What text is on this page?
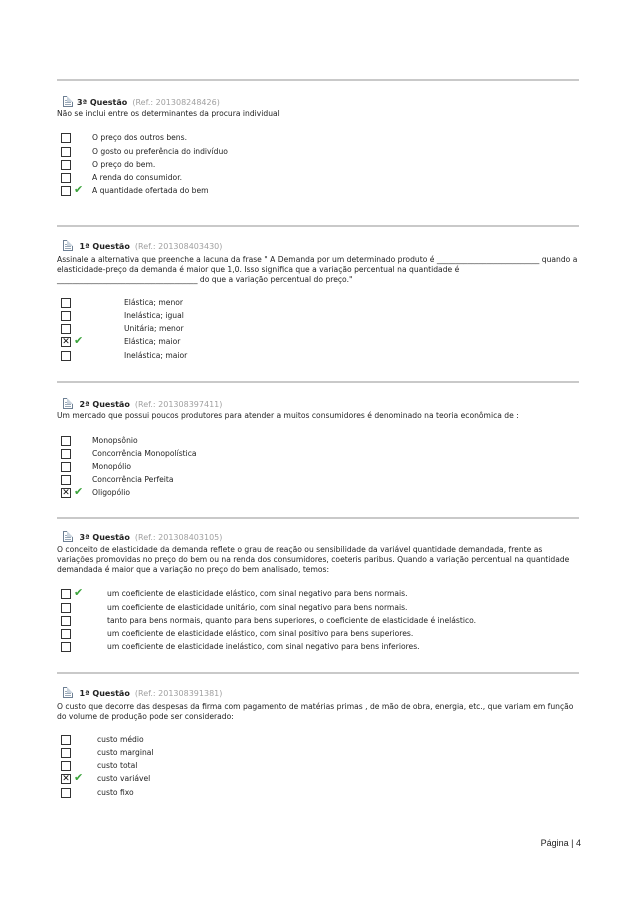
3ª Questão (Ref.: 201308248426)

Não se inclui entre os determinantes da procura individual

O preço dos outros bens.
O gosto ou preferência do indivíduo
O preço do bem.
A renda do consumidor.
✔ A quantidade ofertada do bem
1ª Questão (Ref.: 201308403430)

Assinale a alternativa que preenche a lacuna da frase " A Demanda por um determinado produto é ___________________________ quando a elasticidade-preço da demanda é maior que 1,0. Isso significa que a variação percentual na quantidade é _____________________________________ do que a variação percentual do preço."

Elástica; menor
Inelástica; igual
Unitária; menor
✕ ✔	Elástica; maior
Inelástica; maior
2ª Questão (Ref.: 201308397411)

Um mercado que possui poucos produtores para atender a muitos consumidores é denominado na teoria econômica de :

Monopsônio
Concorrência Monopolística
Monopólio
Concorrência Perfeita
✕ ✔ Oligopólio
3ª Questão (Ref.: 201308403105)

O conceito de elasticidade da demanda reflete o grau de reação ou sensibilidade da variável quantidade demandada, frente as variações promovidas no preço do bem ou na renda dos consumidores, coeteris paribus. Quando a variação percentual na quantidade demandada é maior que a variação no preço do bem analisado, temos:

✔	um coeficiente de elasticidade elástico, com sinal negativo para bens normais.
um coeficiente de elasticidade unitário, com sinal negativo para bens normais.
tanto para bens normais, quanto para bens superiores, o coeficiente de elasticidade é inelástico.
um coeficiente de elasticidade elástico, com sinal positivo para bens superiores.
um coeficiente de elasticidade inelástico, com sinal negativo para bens inferiores.
1ª Questão (Ref.: 201308391381)

O custo que decorre das despesas da firma com pagamento de matérias primas , de mão de obra, energia, etc., que variam em função do volume de produção pode ser considerado:

custo médio
custo marginal
custo total
✕ ✔ custo variável
custo fixo
Página | 4
